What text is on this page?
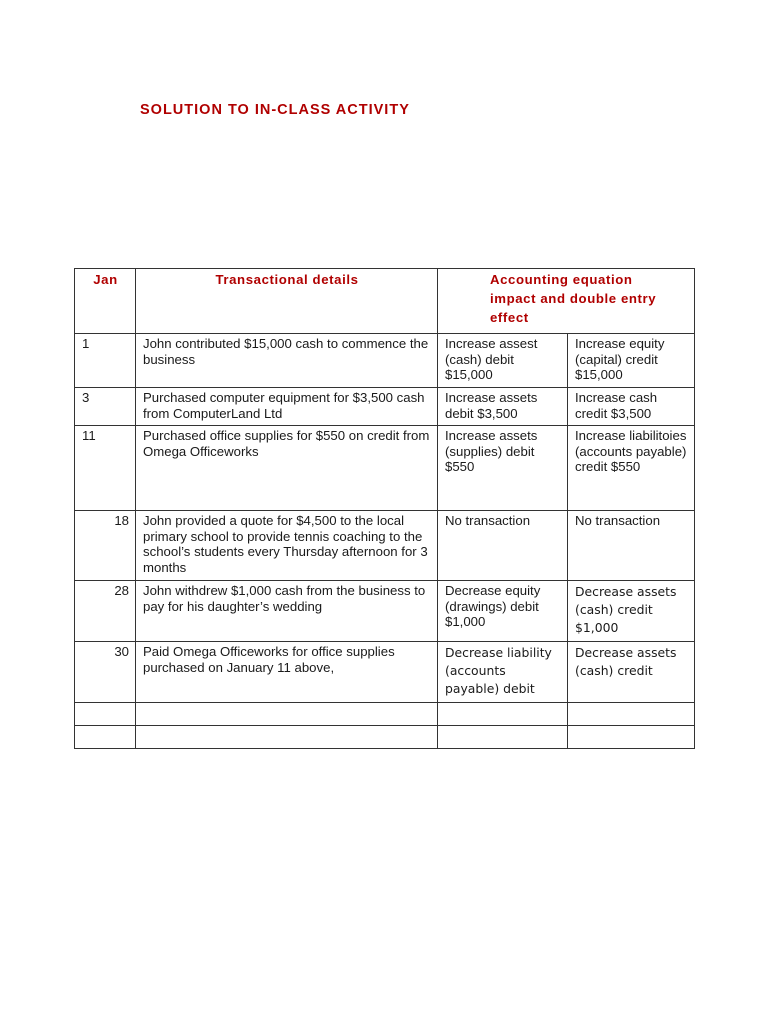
SOLUTION TO IN-CLASS ACTIVITY
Jan	Transactional details	Accounting equation impact and double entry effect	
1	John contributed $15,000 cash to commence the business	Increase assest (cash) debit $15,000	Increase equity (capital) credit $15,000
3	Purchased computer equipment for $3,500 cash from ComputerLand Ltd	Increase assets debit $3,500	Increase cash credit $3,500
11	Purchased office supplies for $550 on credit from Omega Officeworks	Increase assets (supplies) debit $550	Increase liabilitoies (accounts payable) credit $550
18	John provided a quote for $4,500 to the local primary school to provide tennis coaching to the school’s students every Thursday afternoon for 3 months	No transaction	No transaction
28	John withdrew $1,000 cash from the business to pay for his daughter’s wedding	Decrease equity (drawings) debit $1,000	Decrease assets (cash) credit $1,000
30	Paid Omega Officeworks for office supplies purchased on January 11 above,	Decrease liability (accounts payable) debit	Decrease assets (cash) credit
